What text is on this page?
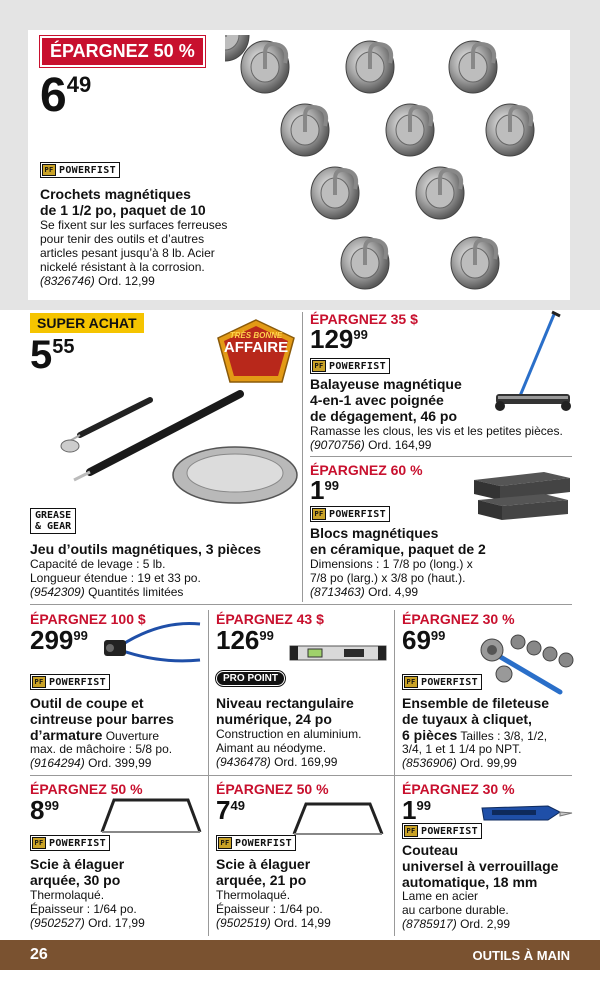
ÉPARGNEZ 50 %
$6^{49}$
PF POWERFIST
Crochets magnétiques
de 1 1/2 po, paquet de 10
Se fixent sur les surfaces ferreuses
pour tenir des outils et d’autres
articles pesant jusqu’à 8 lb. Acier
nickelé résistant à la corrosion.
(8326746) Ord. 12,99
SUPER ACHAT
$5^{55}$
TRÈS BONNE
AFFAIRE
GREASE
& GEAR
Jeu d’outils magnétiques, 3 pièces
Capacité de levage : 5 lb.
Longueur étendue : 19 et 33 po.
(9542309) Quantités limitées
ÉPARGNEZ 35 $
$129^{99}$
PF POWERFIST
Balayeuse magnétique
4-en-1 avec poignée
de dégagement, 46 po
Ramasse les clous, les vis et les petites pièces.
(9070756) Ord. 164,99
ÉPARGNEZ 60 %
$1^{99}$
PF POWERFIST
Blocs magnétiques
en céramique, paquet de 2
Dimensions : 1 7/8 po (long.) x
7/8 po (larg.) x 3/8 po (haut.).
(8713463) Ord. 4,99
ÉPARGNEZ 100 $
$299^{99}$
PF POWERFIST
Outil de coupe et
cintreuse pour barres
d’armature Ouverture
max. de mâchoire : 5/8 po.
(9164294) Ord. 399,99
ÉPARGNEZ 43 $
$126^{99}$
PRO POINT
Niveau rectangulaire
numérique, 24 po
Construction en aluminium.
Aimant au néodyme.
(9436478) Ord. 169,99
ÉPARGNEZ 30 %
$69^{99}$
PF POWERFIST
Ensemble de fileteuse
de tuyaux à cliquet,
6 pièces Tailles : 3/8, 1/2,
3/4, 1 et 1 1/4 po NPT.
(8536906) Ord. 99,99
ÉPARGNEZ 50 %
$8^{99}$
PF POWERFIST
Scie à élaguer
arquée, 30 po
Thermolaqué.
Épaisseur : 1/64 po.
(9502527) Ord. 17,99
ÉPARGNEZ 50 %
$7^{49}$
PF POWERFIST
Scie à élaguer
arquée, 21 po
Thermolaqué.
Épaisseur : 1/64 po.
(9502519) Ord. 14,99
ÉPARGNEZ 30 %
$1^{99}$
PF POWERFIST
Couteau
universel à verrouillage
automatique, 18 mm
Lame en acier
au carbone durable.
(8785917) Ord. 2,99
26	OUTILS À MAIN
